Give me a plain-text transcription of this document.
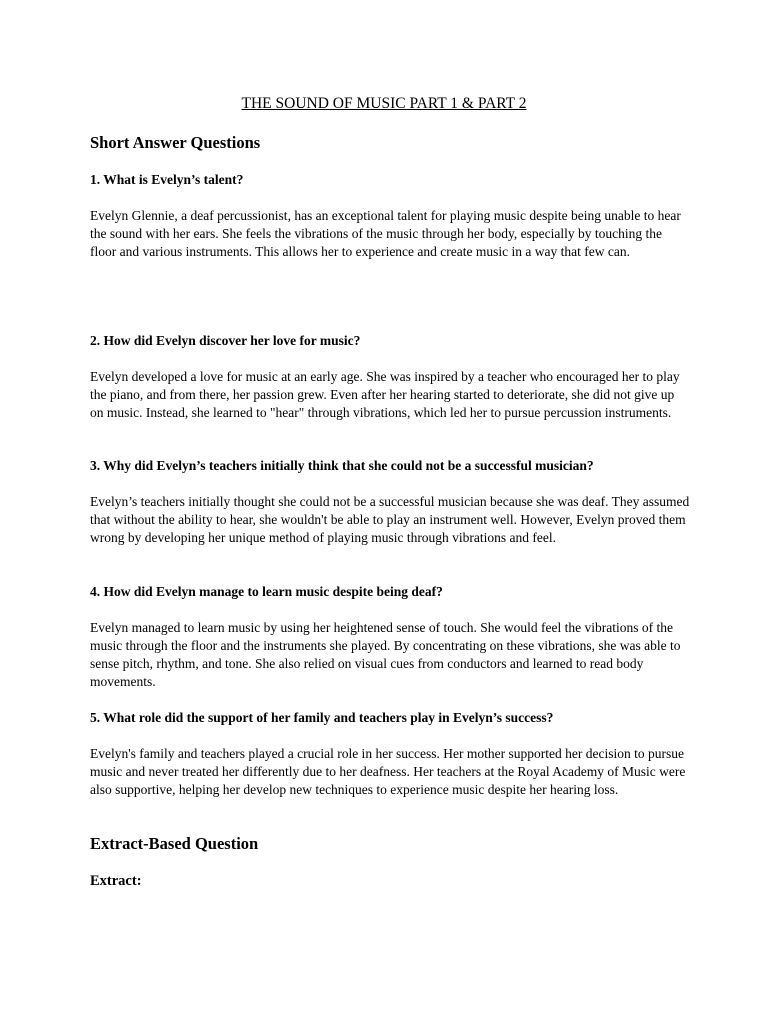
THE SOUND OF MUSIC PART 1 & PART 2
Short Answer Questions
1. What is Evelyn’s talent?
Evelyn Glennie, a deaf percussionist, has an exceptional talent for playing music despite being unable to hear the sound with her ears. She feels the vibrations of the music through her body, especially by touching the floor and various instruments. This allows her to experience and create music in a way that few can.
2. How did Evelyn discover her love for music?
Evelyn developed a love for music at an early age. She was inspired by a teacher who encouraged her to play the piano, and from there, her passion grew. Even after her hearing started to deteriorate, she did not give up on music. Instead, she learned to "hear" through vibrations, which led her to pursue percussion instruments.
3. Why did Evelyn’s teachers initially think that she could not be a successful musician?
Evelyn’s teachers initially thought she could not be a successful musician because she was deaf. They assumed that without the ability to hear, she wouldn't be able to play an instrument well. However, Evelyn proved them wrong by developing her unique method of playing music through vibrations and feel.
4. How did Evelyn manage to learn music despite being deaf?
Evelyn managed to learn music by using her heightened sense of touch. She would feel the vibrations of the music through the floor and the instruments she played. By concentrating on these vibrations, she was able to sense pitch, rhythm, and tone. She also relied on visual cues from conductors and learned to read body movements.
5. What role did the support of her family and teachers play in Evelyn’s success?
Evelyn's family and teachers played a crucial role in her success. Her mother supported her decision to pursue music and never treated her differently due to her deafness. Her teachers at the Royal Academy of Music were also supportive, helping her develop new techniques to experience music despite her hearing loss.
Extract-Based Question
Extract:
